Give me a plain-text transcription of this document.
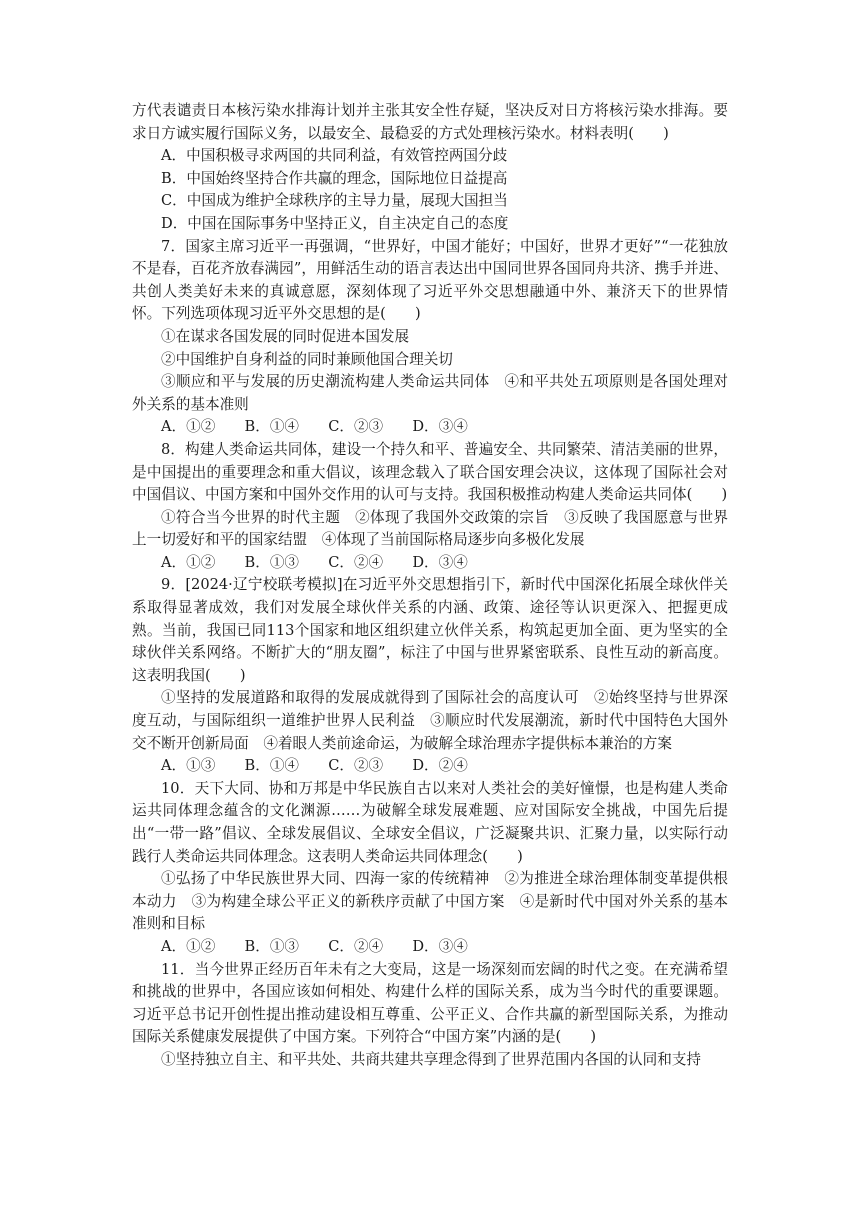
方代表谴责日本核污染水排海计划并主张其安全性存疑，坚决反对日方将核污染水排海。要求日方诚实履行国际义务，以最安全、最稳妥的方式处理核污染水。材料表明(　　)

A．中国积极寻求两国的共同利益，有效管控两国分歧

B．中国始终坚持合作共赢的理念，国际地位日益提高

C．中国成为维护全球秩序的主导力量，展现大国担当

D．中国在国际事务中坚持正义，自主决定自己的态度

7．国家主席习近平一再强调，“世界好，中国才能好；中国好，世界才更好”“一花独放不是春，百花齐放春满园”，用鲜活生动的语言表达出中国同世界各国同舟共济、携手并进、共创人类美好未来的真诚意愿，深刻体现了习近平外交思想融通中外、兼济天下的世界情怀。下列选项体现习近平外交思想的是(　　)

①在谋求各国发展的同时促进本国发展

②中国维护自身利益的同时兼顾他国合理关切

③顺应和平与发展的历史潮流构建人类命运共同体　④和平共处五项原则是各国处理对外关系的基本准则

A．①②　　B．①④　　C．②③　　D．③④

8．构建人类命运共同体，建设一个持久和平、普遍安全、共同繁荣、清洁美丽的世界，是中国提出的重要理念和重大倡议，该理念载入了联合国安理会决议，这体现了国际社会对中国倡议、中国方案和中国外交作用的认可与支持。我国积极推动构建人类命运共同体(　　)

①符合当今世界的时代主题　②体现了我国外交政策的宗旨　③反映了我国愿意与世界上一切爱好和平的国家结盟　④体现了当前国际格局逐步向多极化发展

A．①②　　B．①③　　C．②④　　D．③④

9．[2024·辽宁校联考模拟]在习近平外交思想指引下，新时代中国深化拓展全球伙伴关系取得显著成效，我们对发展全球伙伴关系的内涵、政策、途径等认识更深入、把握更成熟。当前，我国已同113个国家和地区组织建立伙伴关系，构筑起更加全面、更为坚实的全球伙伴关系网络。不断扩大的“朋友圈”，标注了中国与世界紧密联系、良性互动的新高度。这表明我国(　　)

①坚持的发展道路和取得的发展成就得到了国际社会的高度认可　②始终坚持与世界深度互动，与国际组织一道维护世界人民利益　③顺应时代发展潮流，新时代中国特色大国外交不断开创新局面　④着眼人类前途命运，为破解全球治理赤字提供标本兼治的方案

A．①③　　B．①④　　C．②③　　D．②④

10．天下大同、协和万邦是中华民族自古以来对人类社会的美好憧憬，也是构建人类命运共同体理念蕴含的文化渊源……为破解全球发展难题、应对国际安全挑战，中国先后提出“一带一路”倡议、全球发展倡议、全球安全倡议，广泛凝聚共识、汇聚力量，以实际行动践行人类命运共同体理念。这表明人类命运共同体理念(　　)

①弘扬了中华民族世界大同、四海一家的传统精神　②为推进全球治理体制变革提供根本动力　③为构建全球公平正义的新秩序贡献了中国方案　④是新时代中国对外关系的基本准则和目标

A．①②　　B．①③　　C．②④　　D．③④

11．当今世界正经历百年未有之大变局，这是一场深刻而宏阔的时代之变。在充满希望和挑战的世界中，各国应该如何相处、构建什么样的国际关系，成为当今时代的重要课题。习近平总书记开创性提出推动建设相互尊重、公平正义、合作共赢的新型国际关系，为推动国际关系健康发展提供了中国方案。下列符合“中国方案”内涵的是(　　)

①坚持独立自主、和平共处、共商共建共享理念得到了世界范围内各国的认同和支持
